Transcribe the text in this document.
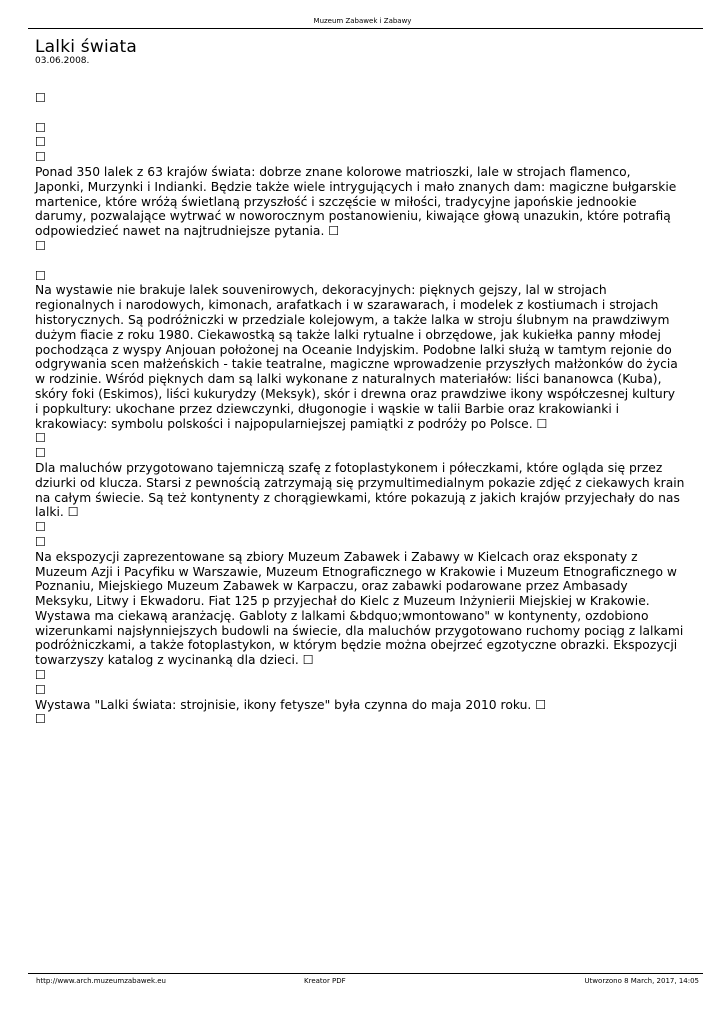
Muzeum Zabawek i Zabawy
Lalki świata
03.06.2008.
☐
☐
☐
☐
Ponad 350 lalek z 63 krajów świata: dobrze znane kolorowe matrioszki, lale w strojach flamenco,
Japonki, Murzynki i Indianki. Będzie także wiele intrygujących i mało znanych dam: magiczne bułgarskie
martenice, które wróżą świetlaną przyszłość i szczęście w miłości, tradycyjne japońskie jednookie
darumy, pozwalające wytrwać w noworocznym postanowieniu, kiwające głową unazukin, które potrafią
odpowiedzieć nawet na najtrudniejsze pytania. ☐
☐
☐
Na wystawie nie brakuje lalek souvenirowych, dekoracyjnych: pięknych gejszy, lal w strojach
regionalnych i narodowych, kimonach, arafatkach i w szarawarach, i modelek z kostiumach i strojach
historycznych. Są podróżniczki w przedziale kolejowym, a także lalka w stroju ślubnym na prawdziwym
dużym fiacie z roku 1980. Ciekawostką są także lalki rytualne i obrzędowe, jak kukiełka panny młodej
pochodząca z wyspy Anjouan położonej na Oceanie Indyjskim. Podobne lalki służą w tamtym rejonie do
odgrywania scen małżeńskich - takie teatralne, magiczne wprowadzenie przyszłych małżonków do życia
w rodzinie. Wśród pięknych dam są lalki wykonane z naturalnych materiałów: liści bananowca (Kuba),
skóry foki (Eskimos), liści kukurydzy (Meksyk), skór i drewna oraz prawdziwe ikony współczesnej kultury
i popkultury: ukochane przez dziewczynki, długonogie i wąskie w talii Barbie oraz krakowianki i
krakowiacy: symbolu polskości i najpopularniejszej pamiątki z podróży po Polsce. ☐
☐
☐
Dla maluchów przygotowano tajemniczą szafę z fotoplastykonem i półeczkami, które ogląda się przez
dziurki od klucza. Starsi z pewnością zatrzymają się przymultimedialnym pokazie zdjęć z ciekawych krain
na całym świecie. Są też kontynenty z chorągiewkami, które pokazują z jakich krajów przyjechały do nas
lalki. ☐
☐
☐
Na ekspozycji zaprezentowane są zbiory Muzeum Zabawek i Zabawy w Kielcach oraz eksponaty z
Muzeum Azji i Pacyfiku w Warszawie, Muzeum Etnograficznego w Krakowie i Muzeum Etnograficznego w
Poznaniu, Miejskiego Muzeum Zabawek w Karpaczu, oraz zabawki podarowane przez Ambasady
Meksyku, Litwy i Ekwadoru. Fiat 125 p przyjechał do Kielc z Muzeum Inżynierii Miejskiej w Krakowie.
Wystawa ma ciekawą aranżację. Gabloty z lalkami &bdquo;wmontowano" w kontynenty, ozdobiono
wizerunkami najsłynniejszych budowli na świecie, dla maluchów przygotowano ruchomy pociąg z lalkami
podróżniczkami, a także fotoplastykon, w którym będzie można obejrzeć egzotyczne obrazki. Ekspozycji
towarzyszy katalog z wycinanką dla dzieci. ☐
☐
☐
Wystawa "Lalki świata: strojnisie, ikony fetysze" była czynna do maja 2010 roku. ☐
☐
http://www.arch.muzeumzabawek.eu	Kreator PDF	Utworzono 8 March, 2017, 14:05
